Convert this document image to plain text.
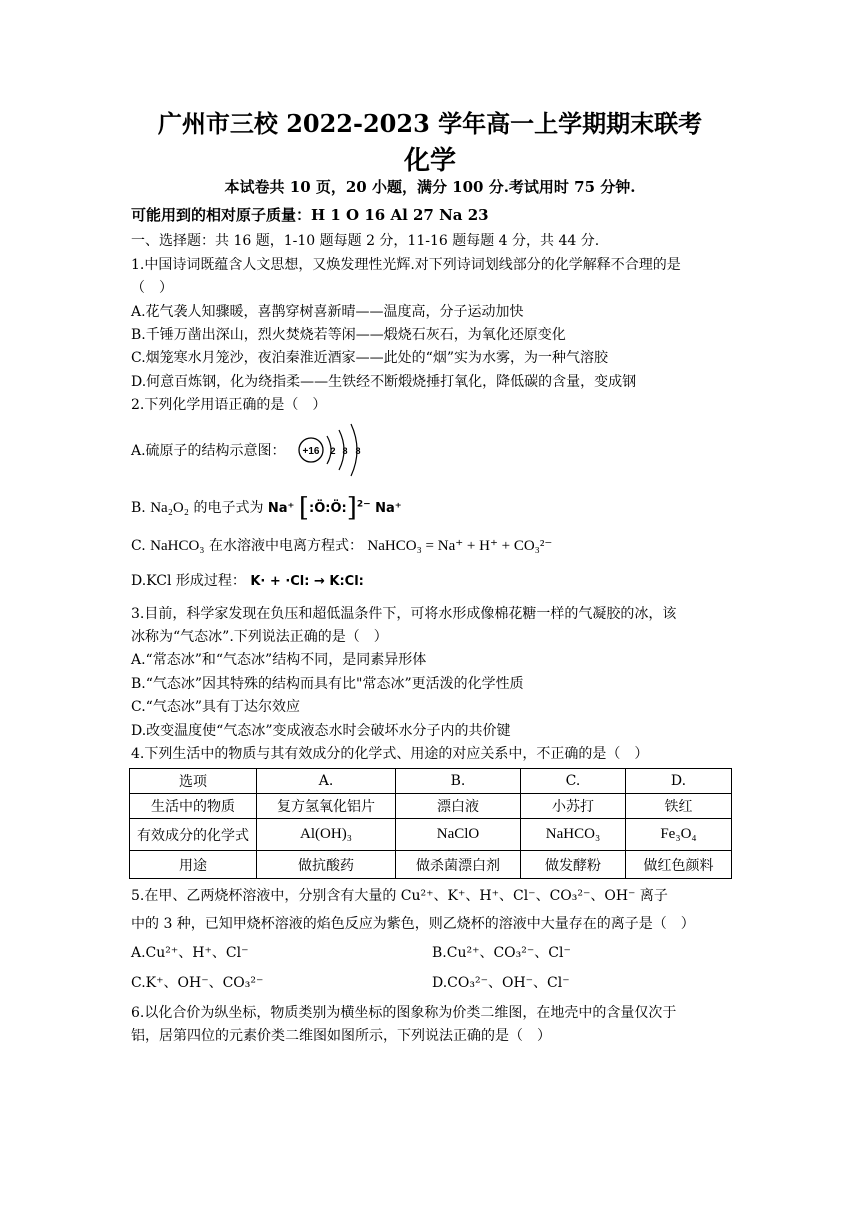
广州市三校 2022-2023 学年高一上学期期末联考
化学
本试卷共 10 页，20 小题，满分 100 分.考试用时 75 分钟.
可能用到的相对原子质量：H 1 O 16 Al 27 Na 23
一、选择题：共 16 题，1-10 题每题 2 分，11-16 题每题 4 分，共 44 分.
1.中国诗词既蕴含人文思想，又焕发理性光辉.对下列诗词划线部分的化学解释不合理的是
（　）
A.花气袭人知骤暖，喜鹊穿树喜新晴——温度高，分子运动加快
B.千锤万凿出深山，烈火焚烧若等闲——煅烧石灰石，为氧化还原变化
C.烟笼寒水月笼沙，夜泊秦淮近酒家——此处的“烟”实为水雾，为一种气溶胶
D.何意百炼钢，化为绕指柔——生铁经不断煅烧捶打氧化，降低碳的含量，变成钢
2.下列化学用语正确的是（　）
A.硫原子的结构示意图： +16 2 8 8
B. Na₂O₂ 的电子式为 Na⁺ [:Ö:Ö:]$^{2-}$ Na⁺
C. NaHCO₃ 在水溶液中电离方程式： NaHCO₃ = Na⁺ + H⁺ + CO₃²⁻
D.KCl 形成过程： K· + ·Cl: → K:Cl:
3.目前，科学家发现在负压和超低温条件下，可将水形成像棉花糖一样的气凝胶的冰，该
冰称为“气态冰”.下列说法正确的是（　）
A.“常态冰”和“气态冰”结构不同，是同素异形体
B.“气态冰”因其特殊的结构而具有比"常态冰”更活泼的化学性质
C.“气态冰”具有丁达尔效应
D.改变温度使“气态冰”变成液态水时会破坏水分子内的共价键
4.下列生活中的物质与其有效成分的化学式、用途的对应关系中，不正确的是（　）
选项	A.	B.	C.	D.
生活中的物质	复方氢氧化铝片	漂白液	小苏打	铁红
有效成分的化学式	Al(OH)₃	NaClO	NaHCO₃	Fe₃O₄
用途	做抗酸药	做杀菌漂白剂	做发酵粉	做红色颜料
5.在甲、乙两烧杯溶液中，分别含有大量的 Cu²⁺、K⁺、H⁺、Cl⁻、CO₃²⁻、OH⁻ 离子
中的 3 种，已知甲烧杯溶液的焰色反应为紫色，则乙烧杯的溶液中大量存在的离子是（　）
A.Cu²⁺、H⁺、Cl⁻	B.Cu²⁺、CO₃²⁻、Cl⁻
C.K⁺、OH⁻、CO₃²⁻	D.CO₃²⁻、OH⁻、Cl⁻
6.以化合价为纵坐标，物质类别为横坐标的图象称为价类二维图，在地壳中的含量仅次于
铝，居第四位的元素价类二维图如图所示，下列说法正确的是（　）
